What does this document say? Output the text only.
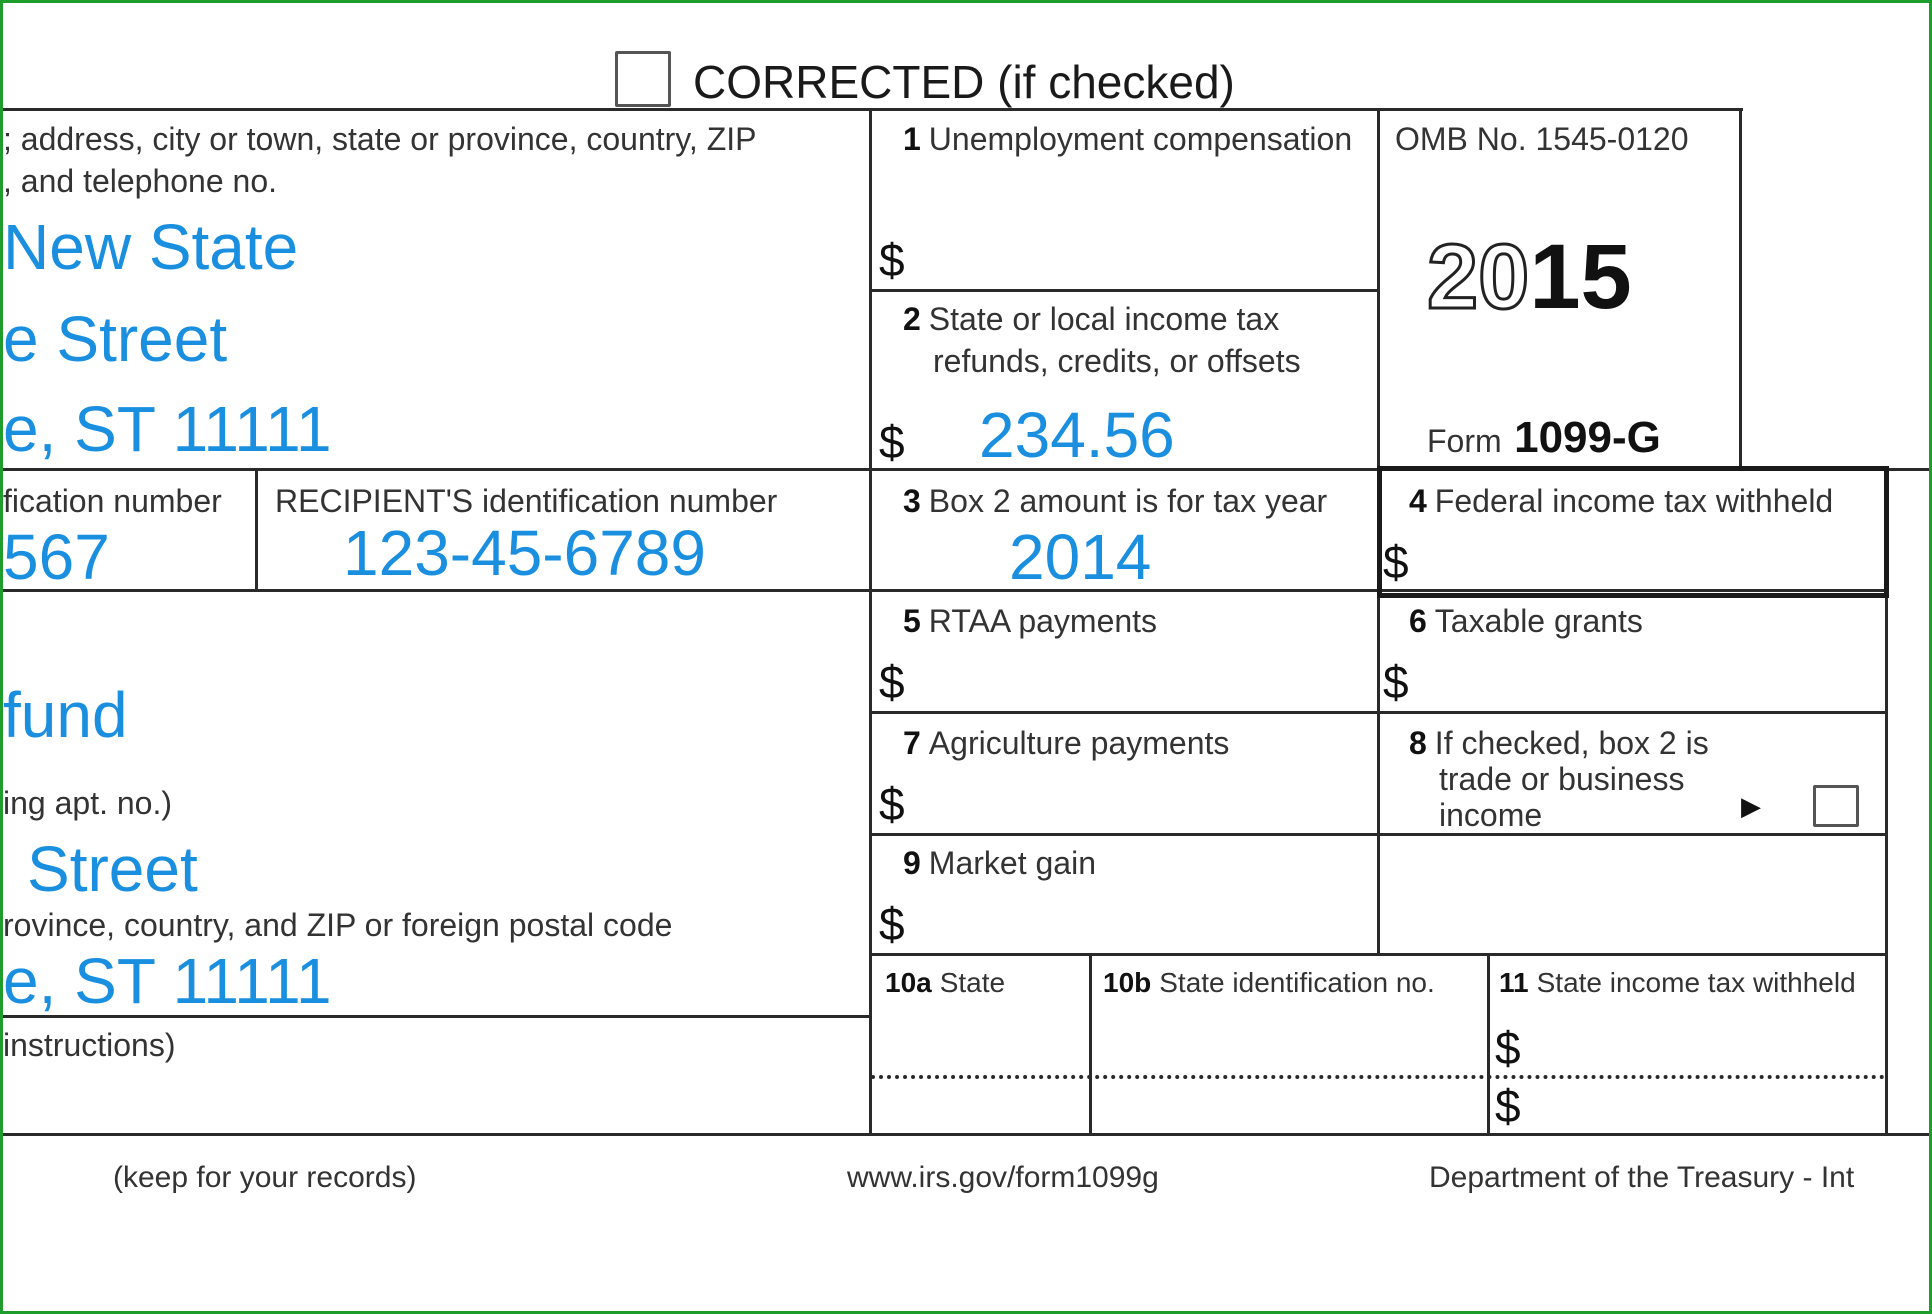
CORRECTED (if checked)
; address, city or town, state or province, country, ZIP
, and telephone no.
New State
e Street
e, ST 11111
fication number
567
RECIPIENT'S identification number
123-45-6789
fund
ing apt. no.)
Street
rovince, country, and ZIP or foreign postal code
e, ST 11111
instructions)
1 Unemployment compensation
$
2 State or local income tax
refunds, credits, or offsets
$ 234.56
OMB No. 1545-0120
2015
Form 1099-G
3 Box 2 amount is for tax year
2014
4 Federal income tax withheld
$
5 RTAA payments
$
6 Taxable grants
$
7 Agriculture payments
$
8 If checked, box 2 is
trade or business
income	▶
9 Market gain
$
10a State	10b State identification no. 11 State income tax withheld
$
$
(keep for your records)	www.irs.gov/form1099g	Department of the Treasury - Int
